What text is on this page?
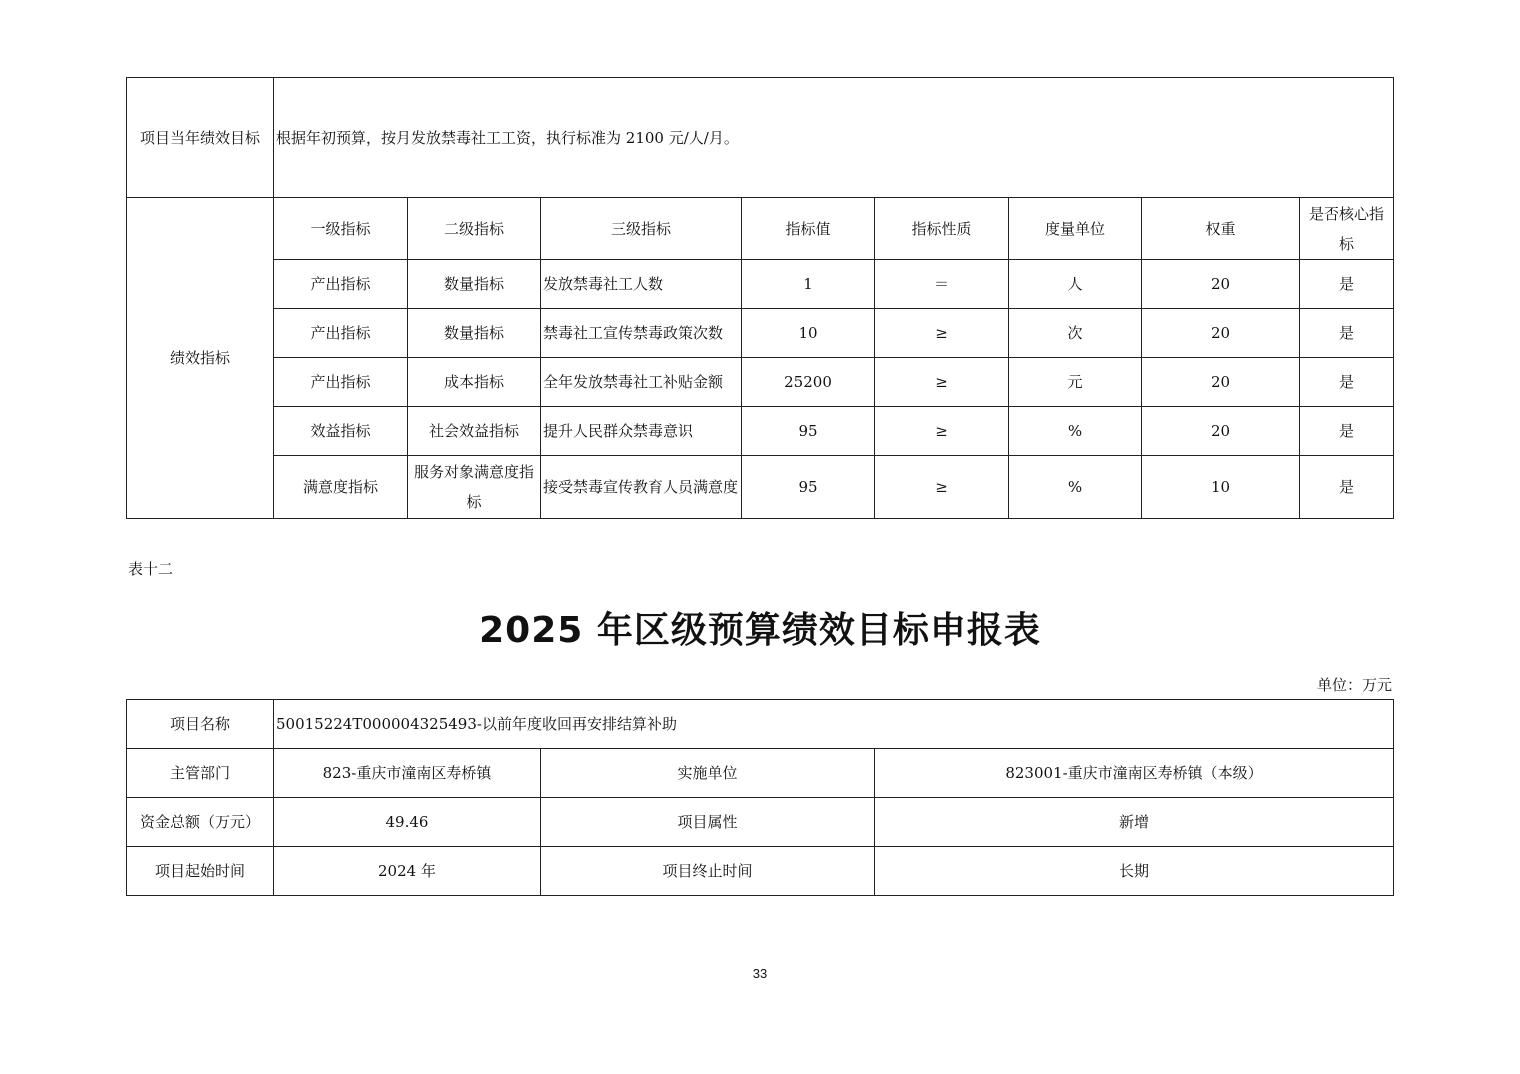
项目当年绩效目标	根据年初预算，按月发放禁毒社工工资，执行标准为 2100 元/人/月。							
绩效指标	一级指标	二级指标	三级指标	指标值	指标性质	度量单位	权重	是否核心指标
	产出指标	数量指标	发放禁毒社工人数	1	＝	人	20	是
	产出指标	数量指标	禁毒社工宣传禁毒政策次数	10	≥	次	20	是
	产出指标	成本指标	全年发放禁毒社工补贴金额	25200	≥	元	20	是
	效益指标	社会效益指标	提升人民群众禁毒意识	95	≥	%	20	是
	满意度指标	服务对象满意度指标	接受禁毒宣传教育人员满意度	95	≥	%	10	是
表十二
2025 年区级预算绩效目标申报表
单位：万元
项目名称	50015224T000004325493-以前年度收回再安排结算补助		
主管部门	823-重庆市潼南区寿桥镇	实施单位	823001-重庆市潼南区寿桥镇（本级）
资金总额（万元）	49.46	项目属性	新增
项目起始时间	2024 年	项目终止时间	长期
33
